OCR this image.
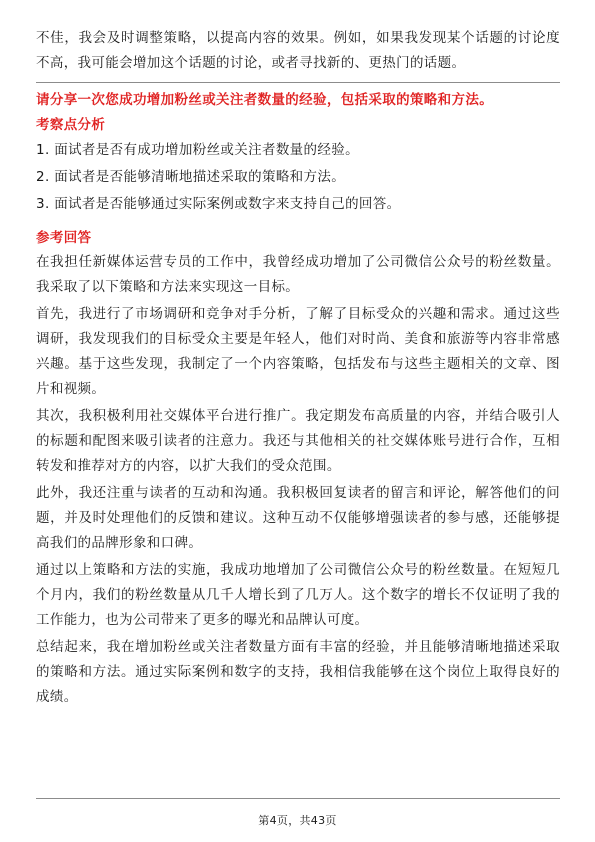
不佳，我会及时调整策略，以提高内容的效果。例如，如果我发现某个话题的讨论度不高，我可能会增加这个话题的讨论，或者寻找新的、更热门的话题。

请分享一次您成功增加粉丝或关注者数量的经验，包括采取的策略和方法。
考察点分析

1. 面试者是否有成功增加粉丝或关注者数量的经验。

2. 面试者是否能够清晰地描述采取的策略和方法。

3. 面试者是否能够通过实际案例或数字来支持自己的回答。

参考回答

在我担任新媒体运营专员的工作中，我曾经成功增加了公司微信公众号的粉丝数量。我采取了以下策略和方法来实现这一目标。

首先，我进行了市场调研和竞争对手分析，了解了目标受众的兴趣和需求。通过这些调研，我发现我们的目标受众主要是年轻人，他们对时尚、美食和旅游等内容非常感兴趣。基于这些发现，我制定了一个内容策略，包括发布与这些主题相关的文章、图片和视频。

其次，我积极利用社交媒体平台进行推广。我定期发布高质量的内容，并结合吸引人的标题和配图来吸引读者的注意力。我还与其他相关的社交媒体账号进行合作，互相转发和推荐对方的内容，以扩大我们的受众范围。

此外，我还注重与读者的互动和沟通。我积极回复读者的留言和评论，解答他们的问题，并及时处理他们的反馈和建议。这种互动不仅能够增强读者的参与感，还能够提高我们的品牌形象和口碑。

通过以上策略和方法的实施，我成功地增加了公司微信公众号的粉丝数量。在短短几个月内，我们的粉丝数量从几千人增长到了几万人。这个数字的增长不仅证明了我的工作能力，也为公司带来了更多的曝光和品牌认可度。

总结起来，我在增加粉丝或关注者数量方面有丰富的经验，并且能够清晰地描述采取的策略和方法。通过实际案例和数字的支持，我相信我能够在这个岗位上取得良好的成绩。

第4页，共43页
